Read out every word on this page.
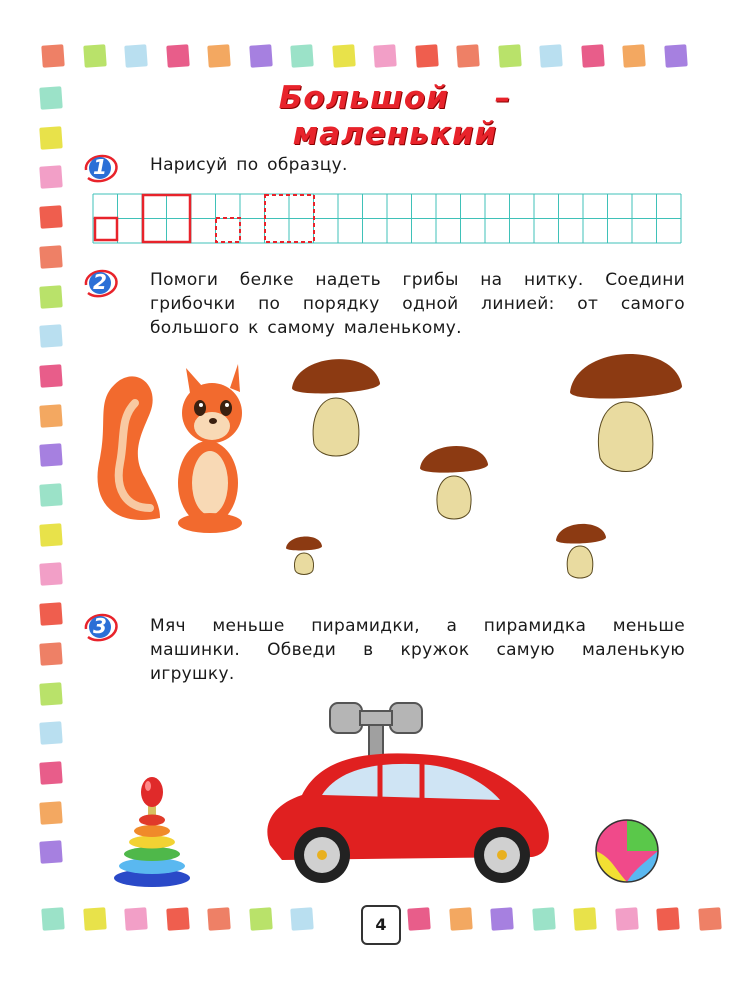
Большой – маленький
1	Нарисуй по образцу.
2	Помоги белке надеть грибы на нитку. Соедини грибочки по порядку одной линией: от самого большого к самому маленькому.
3	Мяч меньше пирамидки, а пирамидка меньше машинки. Обведи в кружок самую маленькую игрушку.
4
